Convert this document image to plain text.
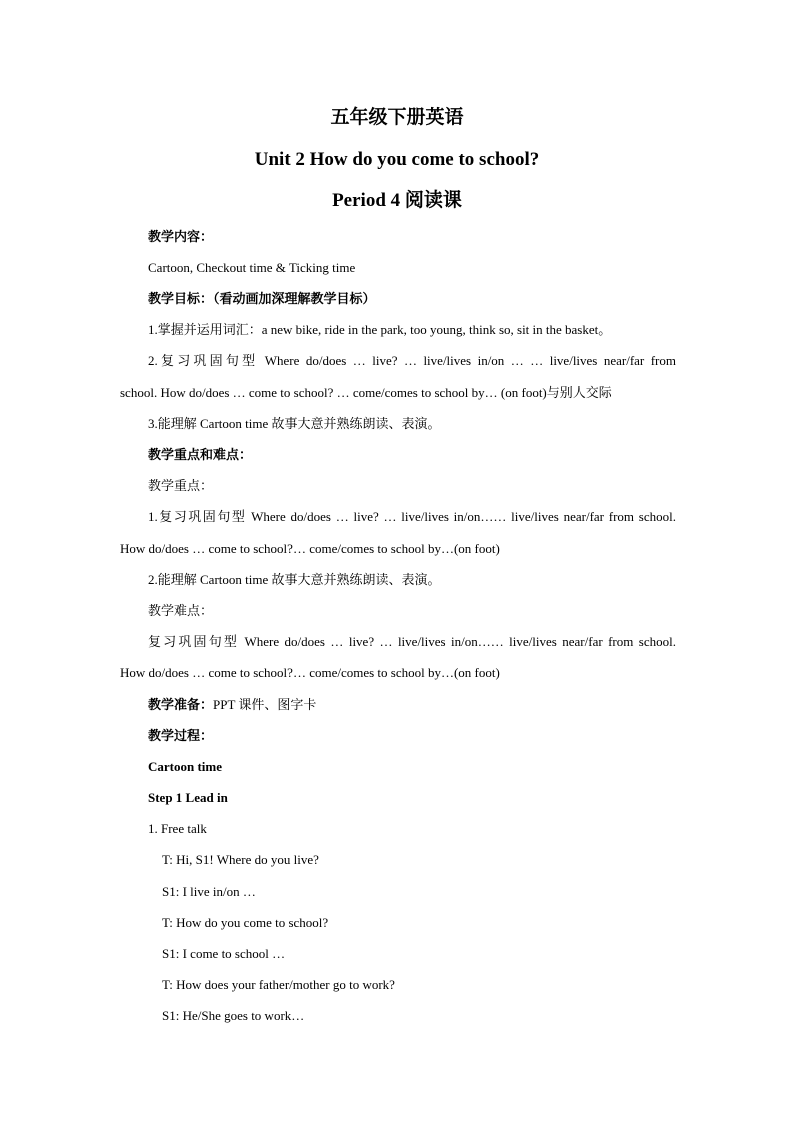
五年级下册英语
Unit 2 How do you come to school?
Period 4 阅读课
教学内容：
Cartoon, Checkout time & Ticking time
教学目标：（看动画加深理解教学目标）
1.掌握并运用词汇：a new bike, ride in the park, too young, think so, sit in the basket。
2.复习巩固句型 Where do/does … live? … live/lives in/on … … live/lives near/far from
school. How do/does … come to school? … come/comes to school by… (on foot)与别人交际
3.能理解 Cartoon time 故事大意并熟练朗读、表演。
教学重点和难点：
教学重点：
1.复习巩固句型 Where do/does … live? … live/lives in/on…… live/lives near/far from school.
How do/does … come to school?… come/comes to school by…(on foot)
2.能理解 Cartoon time 故事大意并熟练朗读、表演。
教学难点：
复习巩固句型 Where do/does … live? … live/lives in/on…… live/lives near/far from school.
How do/does … come to school?… come/comes to school by…(on foot)
教学准备：PPT 课件、图字卡
教学过程：
Cartoon time
Step 1 Lead in
1. Free talk
T: Hi, S1! Where do you live?
S1: I live in/on …
T: How do you come to school?
S1: I come to school …
T: How does your father/mother go to work?
S1: He/She goes to work…
